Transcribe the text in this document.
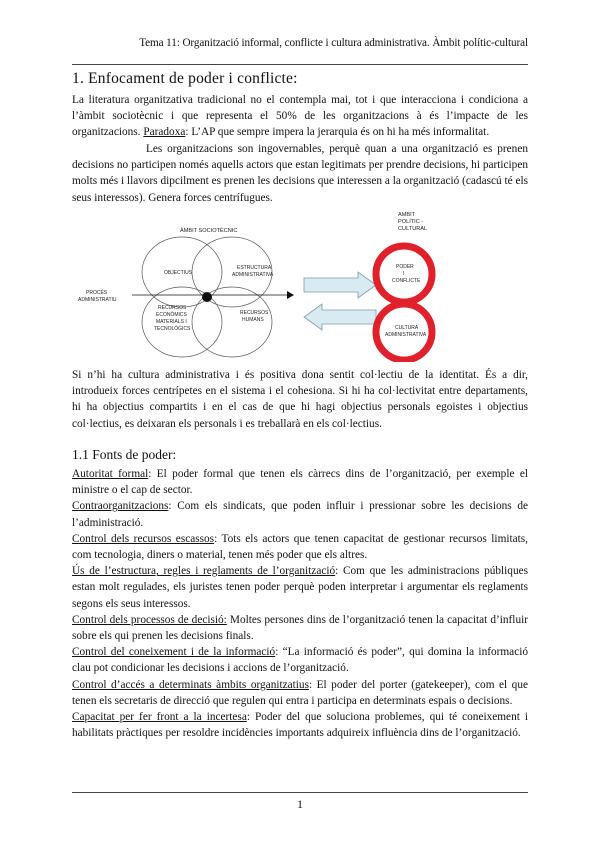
Tema 11: Organització informal, conflicte i cultura administrativa. Àmbit polític-cultural
1. Enfocament de poder i conflicte:
La literatura organitzativa tradicional no el contempla mai, tot i que interacciona i condiciona a l’àmbit sociotècnic i que representa el 50% de les organitzacions à és l’impacte de les organitzacions. Paradoxa: L’AP que sempre impera la jerarquia és on hi ha més informalitat.
Les organitzacions son ingovernables, perquè quan a una organització es prenen decisions no participen només aquells actors que estan legitimats per prendre decisions, hi participen molts més i llavors dipcilment es prenen les decisions que interessen a la organització (cadascú té els seus interessos). Genera forces centrífugues.
ÀMBIT SOCIOTÈCNIC
OBJECTIUS
ESTRUCTURA
ADMINISTRATIVA
RECURSOS
ECONÒMICS
MATERIALS I
TECNOLÒGICS
RECURSOS
HUMANS
PROCÉS
ADMINISTRATIU
ÀMBIT
POLÍTIC -
CULTURAL
PODER
I
CONFLICTE
CULTURA
ADMINISTRATIVA
Si n’hi ha cultura administrativa i és positiva dona sentit col·lectiu de la identitat. És a dir, introdueix forces centrípetes en el sistema i el cohesiona. Si hi ha col·lectivitat entre departaments, hi ha objectius compartits i en el cas de que hi hagi objectius personals egoistes i objectius col·lectius, es deixaran els personals i es treballarà en els col·lectius.
1.1 Fonts de poder:
Autoritat formal: El poder formal que tenen els càrrecs dins de l’organització, per exemple el ministre o el cap de sector.
Contraorganitzacions: Com els sindicats, que poden influir i pressionar sobre les decisions de l’administració.
Control dels recursos escassos: Tots els actors que tenen capacitat de gestionar recursos limitats, com tecnologia, diners o material, tenen més poder que els altres.
Ús de l’estructura, regles i reglaments de l’organització: Com que les administracions públiques estan molt regulades, els juristes tenen poder perquè poden interpretar i argumentar els reglaments segons els seus interessos.
Control dels processos de decisió: Moltes persones dins de l’organització tenen la capacitat d’influir sobre els qui prenen les decisions finals.
Control del coneixement i de la informació: “La informació és poder”, qui domina la informació clau pot condicionar les decisions i accions de l’organització.
Control d’accés a determinats àmbits organitzatius: El poder del porter (gatekeeper), com el que tenen els secretaris de direcció que regulen qui entra i participa en determinats espais o decisions.
Capacitat per fer front a la incertesa: Poder del que soluciona problemes, qui té coneixement i habilitats pràctiques per resoldre incidències importants adquireix influència dins de l’organització.
1
